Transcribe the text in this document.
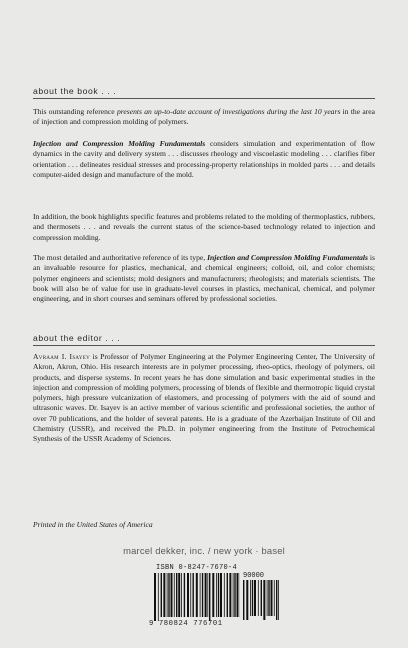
about the book . . .

This outstanding reference presents an up-to-date account of investigations during the last 10 years in the area of injection and compression molding of polymers.

Injection and Compression Molding Fundamentals considers simulation and experimentation of flow dynamics in the cavity and delivery system . . . discusses rheology and viscoelastic modeling . . . clarifies fiber orientation . . . delineates residual stresses and processing-property relationships in molded parts . . . and details computer-aided design and manufacture of the mold.

In addition, the book highlights specific features and problems related to the molding of thermoplastics, rubbers, and thermosets . . . and reveals the current status of the science-based technology related to injection and compression molding.

The most detailed and authoritative reference of its type, Injection and Compression Molding Fundamentals is an invaluable resource for plastics, mechanical, and chemical engineers; colloid, oil, and color chemists; polymer engineers and scientists; mold designers and manufacturers; rheologists; and materials scientists. The book will also be of value for use in graduate-level courses in plastics, mechanical, chemical, and polymer engineering, and in short courses and seminars offered by professional societies.

about the editor . . .

Avraam I. Isayev is Professor of Polymer Engineering at the Polymer Engineering Center, The University of Akron, Akron, Ohio. His research interests are in polymer processing, rheo-optics, rheology of polymers, oil products, and disperse systems. In recent years he has done simulation and basic experimental studies in the injection and compression of molding polymers, processing of blends of flexible and thermotropic liquid crystal polymers, high pressure vulcanization of elastomers, and processing of polymers with the aid of sound and ultrasonic waves. Dr. Isayev is an active member of various scientific and professional societies, the author of over 70 publications, and the holder of several patents. He is a graduate of the Azerbaijan Institute of Oil and Chemistry (USSR), and received the Ph.D. in polymer engineering from the Institute of Petrochemical Synthesis of the USSR Academy of Sciences.

Printed in the United States of America
marcel dekker, inc. / new york · basel
ISBN 0-8247-7670-4
90000
9 780824 776701
